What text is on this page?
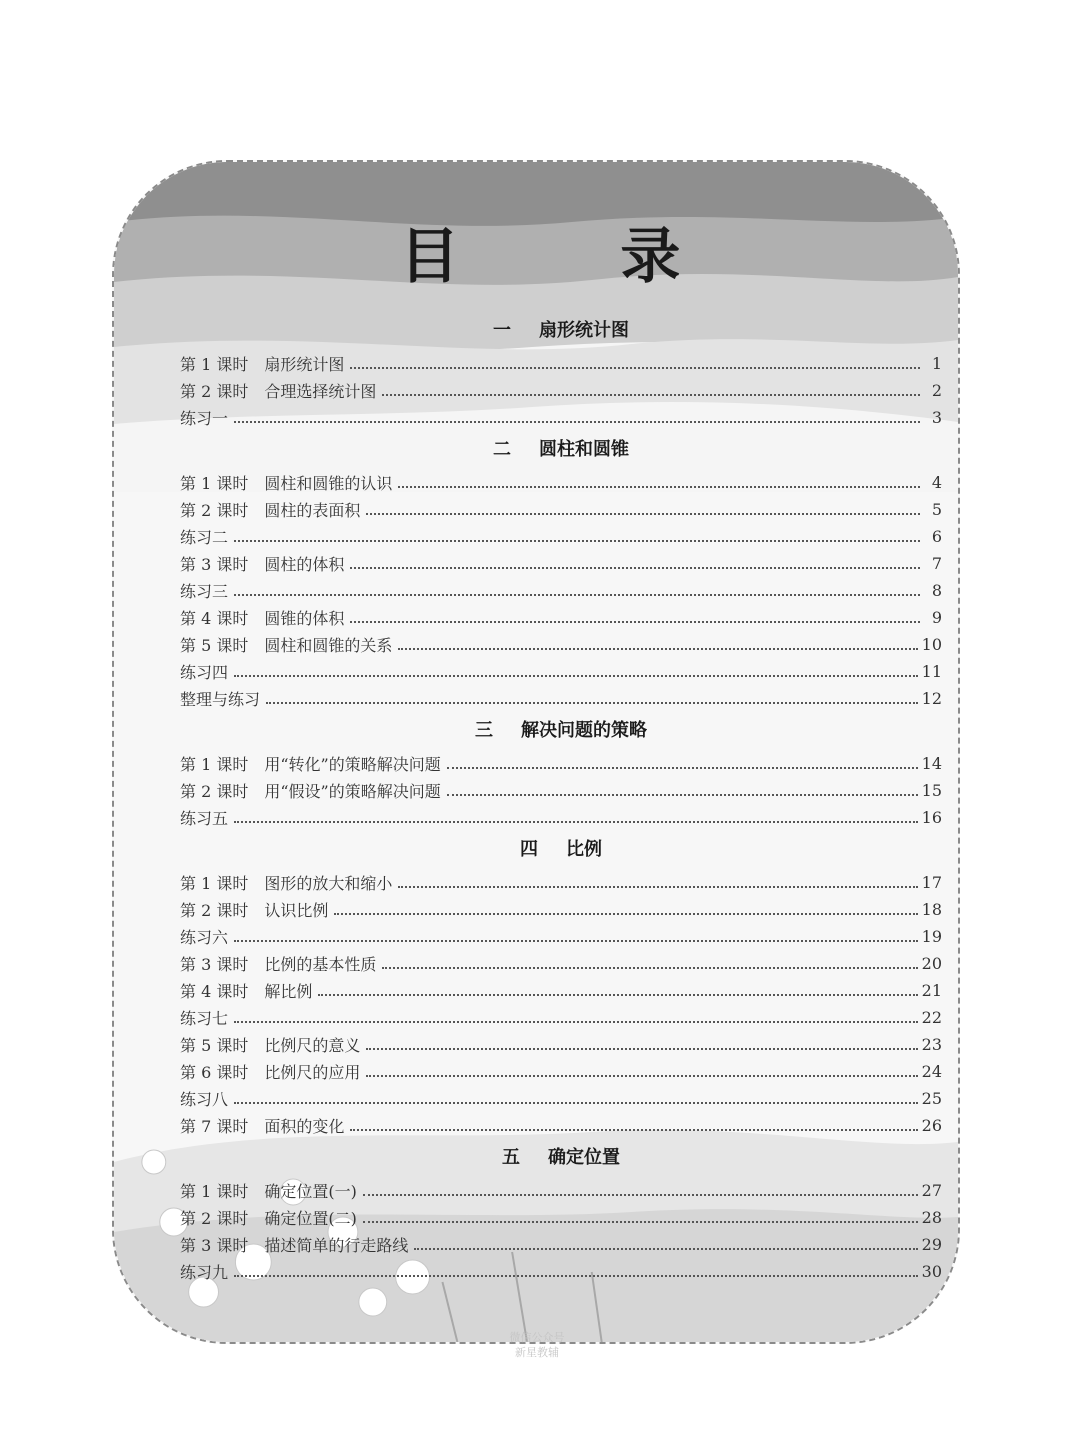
目 录
一 扇形统计图
第 1 课时　扇形统计图	1
第 2 课时　合理选择统计图	2
练习一	3
二 圆柱和圆锥
第 1 课时　圆柱和圆锥的认识	4
第 2 课时　圆柱的表面积	5
练习二	6
第 3 课时　圆柱的体积	7
练习三	8
第 4 课时　圆锥的体积	9
第 5 课时　圆柱和圆锥的关系	10
练习四	11
整理与练习	12
三 解决问题的策略
第 1 课时　用“转化”的策略解决问题	14
第 2 课时　用“假设”的策略解决问题	15
练习五	16
四 比例
第 1 课时　图形的放大和缩小	17
第 2 课时　认识比例	18
练习六	19
第 3 课时　比例的基本性质	20
第 4 课时　解比例	21
练习七	22
第 5 课时　比例尺的意义	23
第 6 课时　比例尺的应用	24
练习八	25
第 7 课时　面积的变化	26
五 确定位置
第 1 课时　确定位置(一)	27
第 2 课时　确定位置(二)	28
第 3 课时　描述简单的行走路线	29
练习九	30
微信公众号
新星教辅
